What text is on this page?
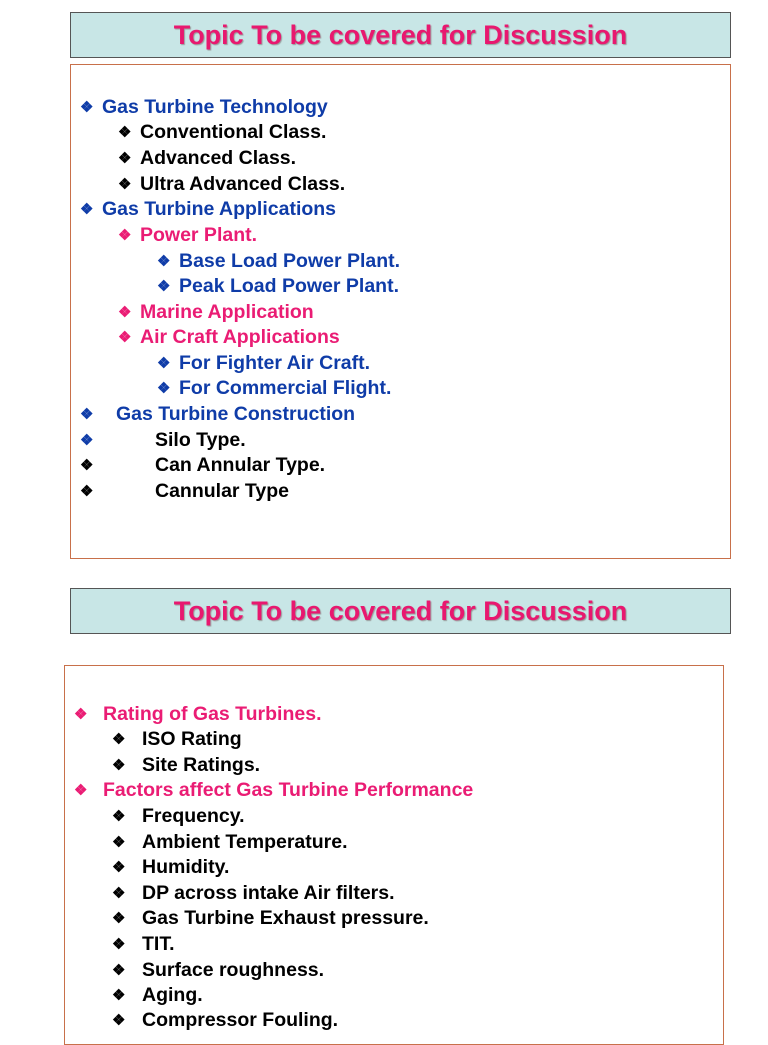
Topic To be covered for Discussion
❖ Gas Turbine Technology
❖ Conventional Class.
❖ Advanced Class.
❖ Ultra Advanced Class.
❖ Gas Turbine Applications
❖ Power Plant.
❖ Base Load Power Plant.
❖ Peak Load Power Plant.
❖ Marine Application
❖ Air Craft Applications
❖ For Fighter Air Craft.
❖ For Commercial Flight.
❖ Gas Turbine Construction
❖	Silo Type.
❖	Can Annular Type.
❖	Cannular Type
Topic To be covered for Discussion
❖ Rating of Gas Turbines.
❖ ISO Rating
❖ Site Ratings.
❖ Factors affect Gas Turbine Performance
❖ Frequency.
❖ Ambient Temperature.
❖ Humidity.
❖ DP across intake Air filters.
❖ Gas Turbine Exhaust pressure.
❖ TIT.
❖ Surface roughness.
❖ Aging.
❖ Compressor Fouling.
